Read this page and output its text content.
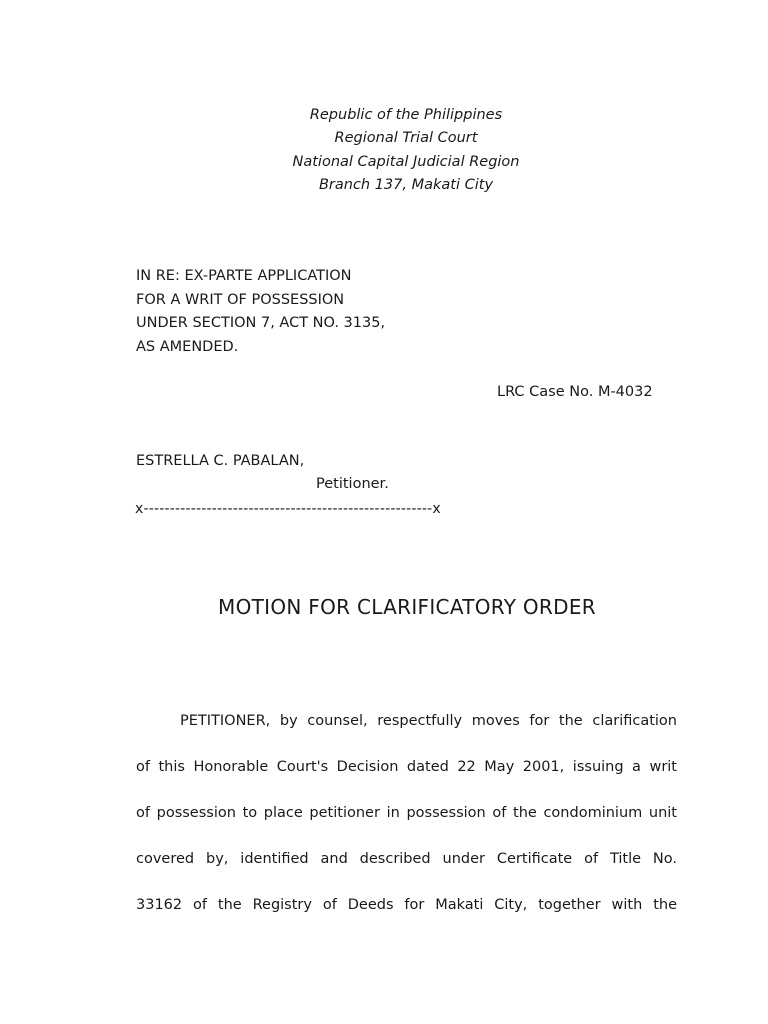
Republic of the Philippines
Regional Trial Court
National Capital Judicial Region
Branch 137, Makati City
IN RE: EX-PARTE APPLICATION
FOR A WRIT OF POSSESSION
UNDER SECTION 7, ACT NO. 3135,
AS AMENDED.
LRC Case No. M-4032
ESTRELLA C. PABALAN,
Petitioner.
x-------------------------------------------------------x
MOTION FOR CLARIFICATORY ORDER
PETITIONER, by counsel, respectfully moves for the clarification
of this Honorable Court's Decision dated 22 May 2001, issuing a writ
of possession to place petitioner in possession of the condominium unit
covered by, identified and described under Certificate of Title No.
33162 of the Registry of Deeds for Makati City, together with the
